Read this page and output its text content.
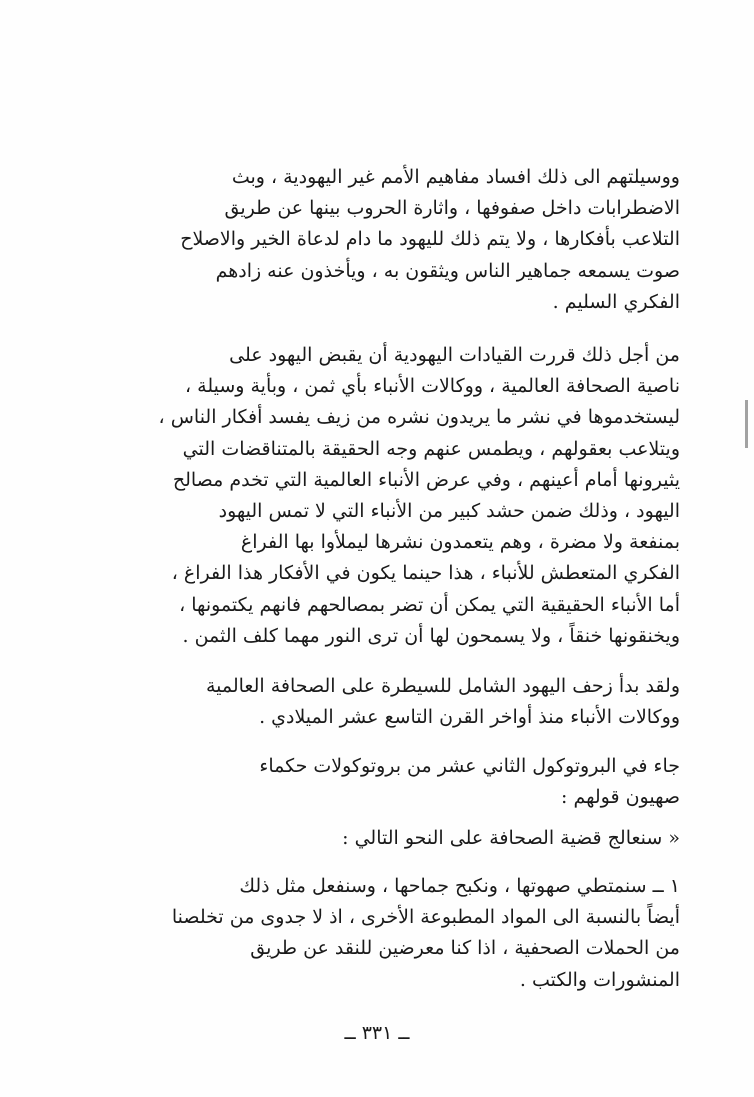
ووسيلتهم الى ذلك افساد مفاهيم الأمم غير اليهودية ، وبث
الاضطرابات داخل صفوفها ، واثارة الحروب بينها عن طريق
التلاعب بأفكارها ، ولا يتم ذلك لليهود ما دام لدعاة الخير والاصلاح
صوت يسمعه جماهير الناس ويثقون به ، ويأخذون عنه زادهم
الفكري السليم .
من أجل ذلك قررت القيادات اليهودية أن يقبض اليهود على
ناصية الصحافة العالمية ، ووكالات الأنباء بأي ثمن ، وبأية وسيلة ،
ليستخدموها في نشر ما يريدون نشره من زيف يفسد أفكار الناس ،
ويتلاعب بعقولهم ، ويطمس عنهم وجه الحقيقة بالمتناقضات التي
يثيرونها أمام أعينهم ، وفي عرض الأنباء العالمية التي تخدم مصالح
اليهود ، وذلك ضمن حشد كبير من الأنباء التي لا تمس اليهود
بمنفعة ولا مضرة ، وهم يتعمدون نشرها ليملأوا بها الفراغ
الفكري المتعطش للأنباء ، هذا حينما يكون في الأفكار هذا الفراغ ،
أما الأنباء الحقيقية التي يمكن أن تضر بمصالحهم فانهم يكتمونها ،
ويخنقونها خنقاً ، ولا يسمحون لها أن ترى النور مهما كلف الثمن .
ولقد بدأ زحف اليهود الشامل للسيطرة على الصحافة العالمية
ووكالات الأنباء منذ أواخر القرن التاسع عشر الميلادي .
جاء في البروتوكول الثاني عشر من بروتوكولات حكماء
صهيون قولهم :
« سنعالج قضية الصحافة على النحو التالي :
١ ــ سنمتطي صهوتها ، ونكبح جماحها ، وسنفعل مثل ذلك
أيضاً بالنسبة الى المواد المطبوعة الأخرى ، اذ لا جدوى من تخلصنا
من الحملات الصحفية ، اذا كنا معرضين للنقد عن طريق
المنشورات والكتب .
ــ ٣٣١ ــ
